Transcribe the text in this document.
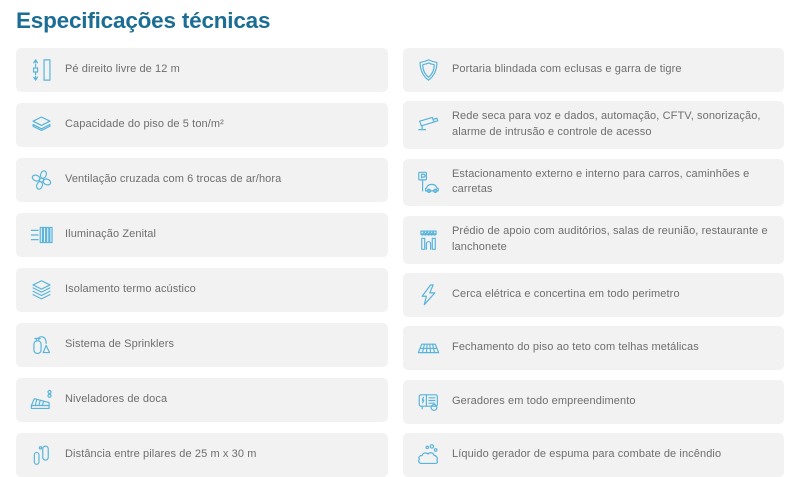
Especificações técnicas
Pé direito livre de 12 m
Capacidade do piso de 5 ton/m²
Ventilação cruzada com 6 trocas de ar/hora
Iluminação Zenital
Isolamento termo acústico
Sistema de Sprinklers
Niveladores de doca
Distância entre pilares de 25 m x 30 m
Portaria blindada com eclusas e garra de tigre
Rede seca para voz e dados, automação, CFTV, sonorização, alarme de intrusão e controle de acesso
Estacionamento externo e interno para carros, caminhões e carretas
Prédio de apoio com auditórios, salas de reunião, restaurante e lanchonete
Cerca elétrica e concertina em todo perimetro
Fechamento do piso ao teto com telhas metálicas
Geradores em todo empreendimento
Líquido gerador de espuma para combate de incêndio
